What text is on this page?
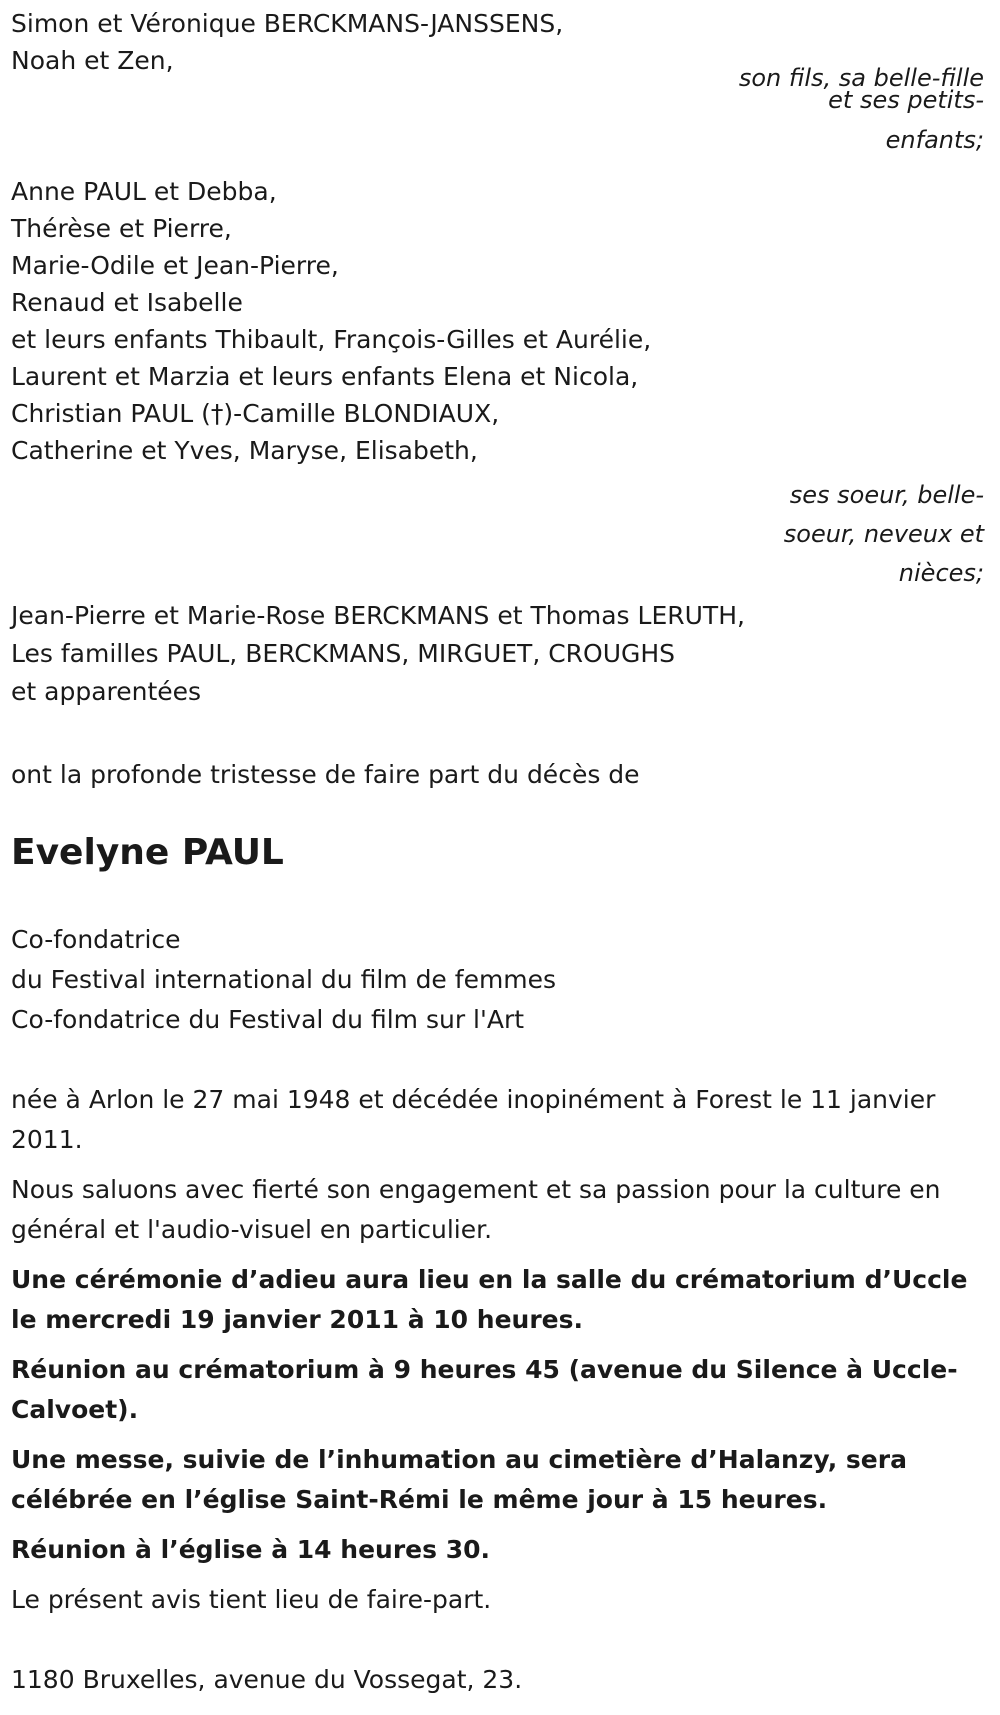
Simon et Véronique BERCKMANS-JANSSENS,
Noah et Zen,
son fils, sa belle-fille
et ses petits-
enfants;
Anne PAUL et Debba,
Thérèse et Pierre,
Marie-Odile et Jean-Pierre,
Renaud et Isabelle
et leurs enfants Thibault, François-Gilles et Aurélie,
Laurent et Marzia et leurs enfants Elena et Nicola,
Christian PAUL (†)-Camille BLONDIAUX,
Catherine et Yves, Maryse, Elisabeth,
ses soeur, belle-
soeur, neveux et
nièces;
Jean-Pierre et Marie-Rose BERCKMANS et Thomas LERUTH,
Les familles PAUL, BERCKMANS, MIRGUET, CROUGHS
et apparentées
ont la profonde tristesse de faire part du décès de
Evelyne PAUL
Co-fondatrice
du Festival international du film de femmes
Co-fondatrice du Festival du film sur l'Art
née à Arlon le 27 mai 1948 et décédée inopinément à Forest le 11 janvier 2011.
Nous saluons avec fierté son engagement et sa passion pour la culture en général et l'audio-visuel en particulier.
Une cérémonie d’adieu aura lieu en la salle du crématorium d’Uccle le mercredi 19 janvier 2011 à 10 heures.
Réunion au crématorium à 9 heures 45 (avenue du Silence à Uccle-Calvoet).
Une messe, suivie de l’inhumation au cimetière d’Halanzy, sera célébrée en l’église Saint-Rémi le même jour à 15 heures.
Réunion à l’église à 14 heures 30.
Le présent avis tient lieu de faire-part.
1180 Bruxelles, avenue du Vossegat, 23.
